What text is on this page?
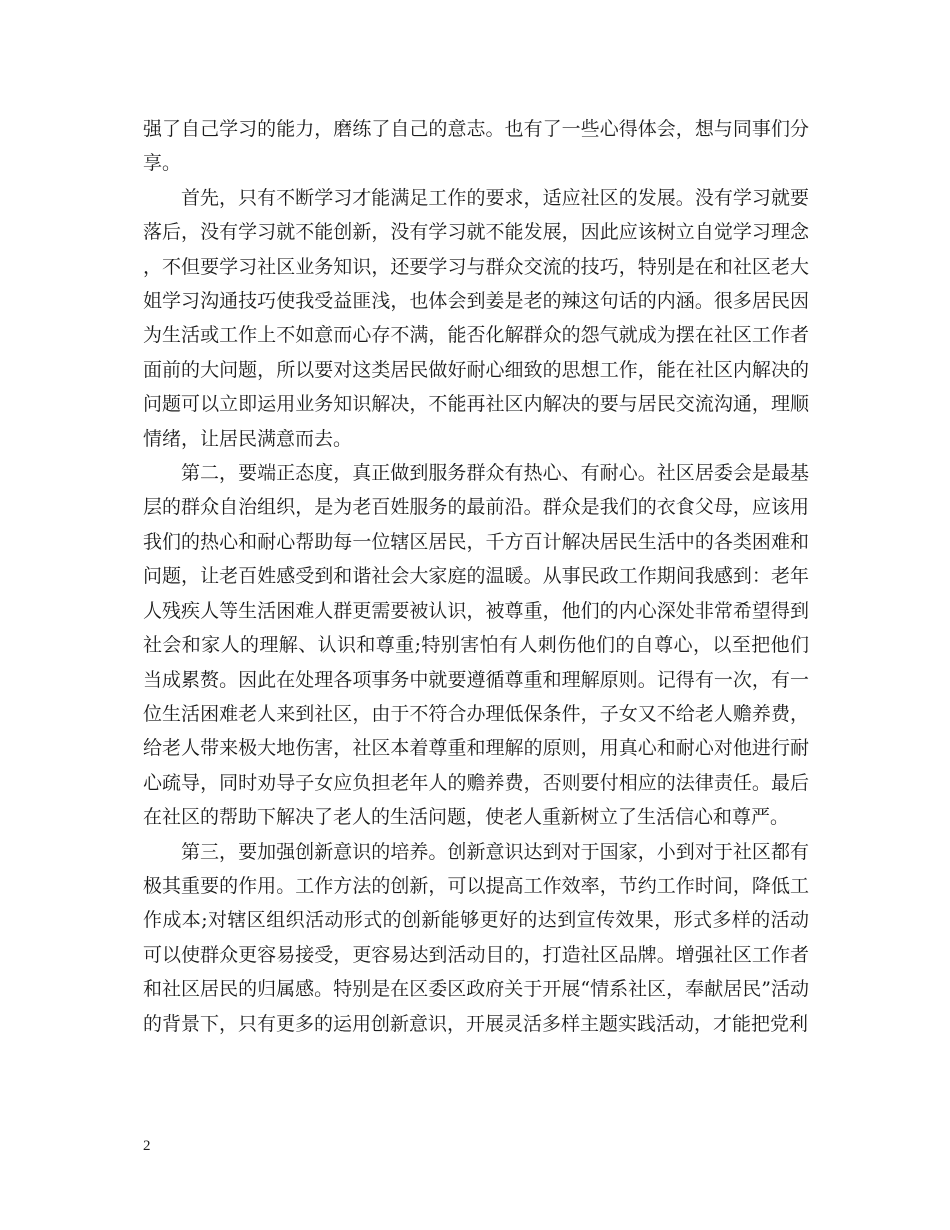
强了自己学习的能力，磨练了自己的意志。也有了一些心得体会，想与同事们分享。

首先，只有不断学习才能满足工作的要求，适应社区的发展。没有学习就要落后，没有学习就不能创新，没有学习就不能发展，因此应该树立自觉学习理念，不但要学习社区业务知识，还要学习与群众交流的技巧，特别是在和社区老大姐学习沟通技巧使我受益匪浅，也体会到姜是老的辣这句话的内涵。很多居民因为生活或工作上不如意而心存不满，能否化解群众的怨气就成为摆在社区工作者面前的大问题，所以要对这类居民做好耐心细致的思想工作，能在社区内解决的问题可以立即运用业务知识解决，不能再社区内解决的要与居民交流沟通，理顺情绪，让居民满意而去。

第二，要端正态度，真正做到服务群众有热心、有耐心。社区居委会是最基层的群众自治组织，是为老百姓服务的最前沿。群众是我们的衣食父母，应该用我们的热心和耐心帮助每一位辖区居民，千方百计解决居民生活中的各类困难和问题，让老百姓感受到和谐社会大家庭的温暖。从事民政工作期间我感到：老年人残疾人等生活困难人群更需要被认识，被尊重，他们的内心深处非常希望得到社会和家人的理解、认识和尊重;特别害怕有人刺伤他们的自尊心，以至把他们当成累赘。因此在处理各项事务中就要遵循尊重和理解原则。记得有一次，有一位生活困难老人来到社区，由于不符合办理低保条件，子女又不给老人赡养费，给老人带来极大地伤害，社区本着尊重和理解的原则，用真心和耐心对他进行耐心疏导，同时劝导子女应负担老年人的赡养费，否则要付相应的法律责任。最后在社区的帮助下解决了老人的生活问题，使老人重新树立了生活信心和尊严。

第三，要加强创新意识的培养。创新意识达到对于国家，小到对于社区都有极其重要的作用。工作方法的创新，可以提高工作效率，节约工作时间，降低工作成本;对辖区组织活动形式的创新能够更好的达到宣传效果，形式多样的活动可以使群众更容易接受，更容易达到活动目的，打造社区品牌。增强社区工作者和社区居民的归属感。特别是在区委区政府关于开展“情系社区，奉献居民”活动的背景下，只有更多的运用创新意识，开展灵活多样主题实践活动，才能把党利

2
